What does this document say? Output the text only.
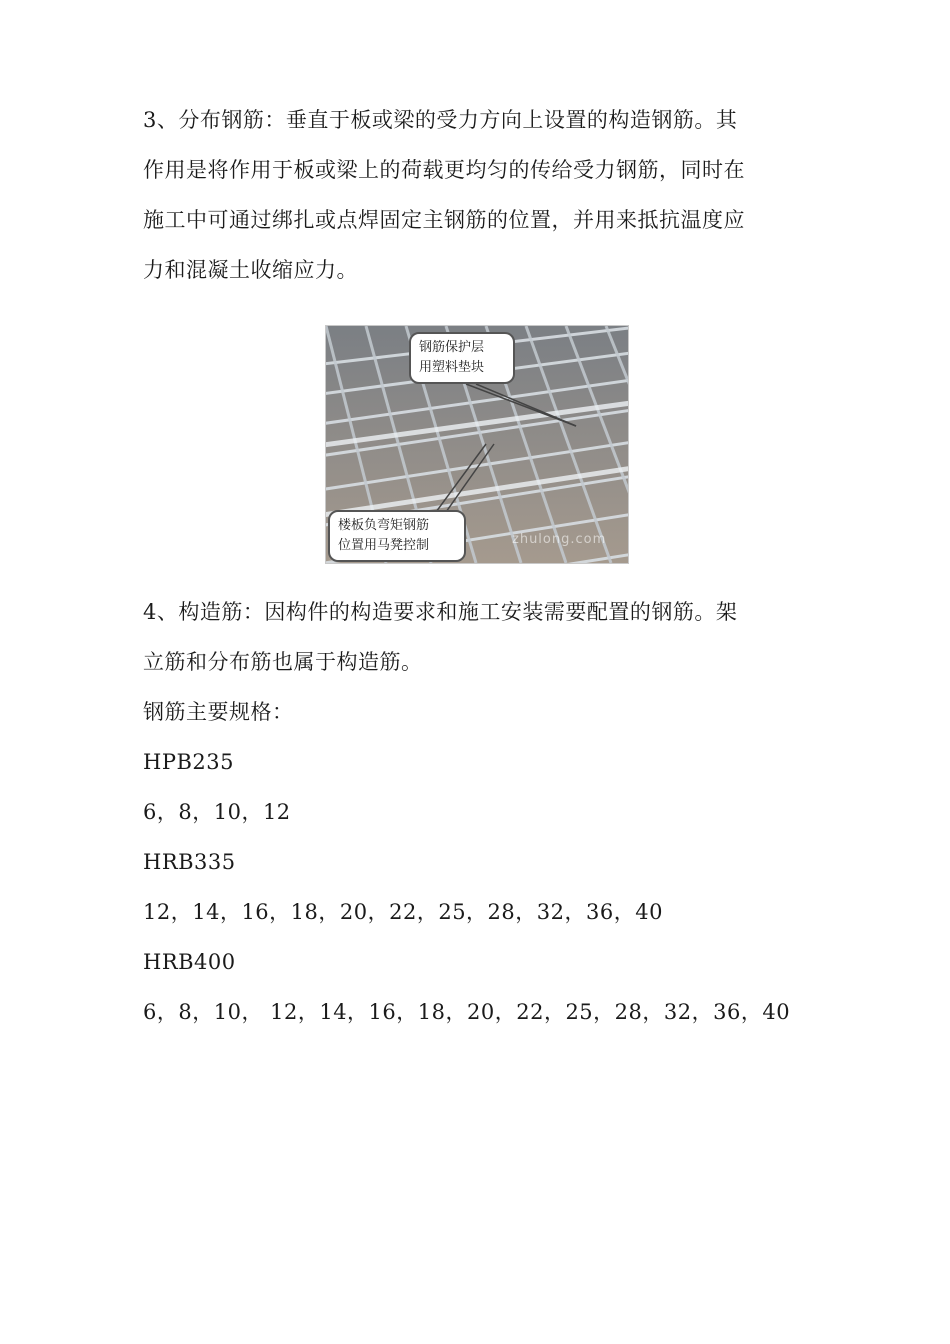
3、分布钢筋：垂直于板或梁的受力方向上设置的构造钢筋。其
作用是将作用于板或梁上的荷载更均匀的传给受力钢筋，同时在
施工中可通过绑扎或点焊固定主钢筋的位置，并用来抵抗温度应
力和混凝土收缩应力。
钢筋保护层
用塑料垫块
楼板负弯矩钢筋
位置用马凳控制	zhulong.com
4、构造筋：因构件的构造要求和施工安装需要配置的钢筋。架
立筋和分布筋也属于构造筋。
钢筋主要规格：
HPB235
6，8，10，12
HRB335
12，14，16，18，20，22，25，28，32，36，40
HRB400
6，8，10， 12，14，16，18，20，22，25，28，32，36，40
